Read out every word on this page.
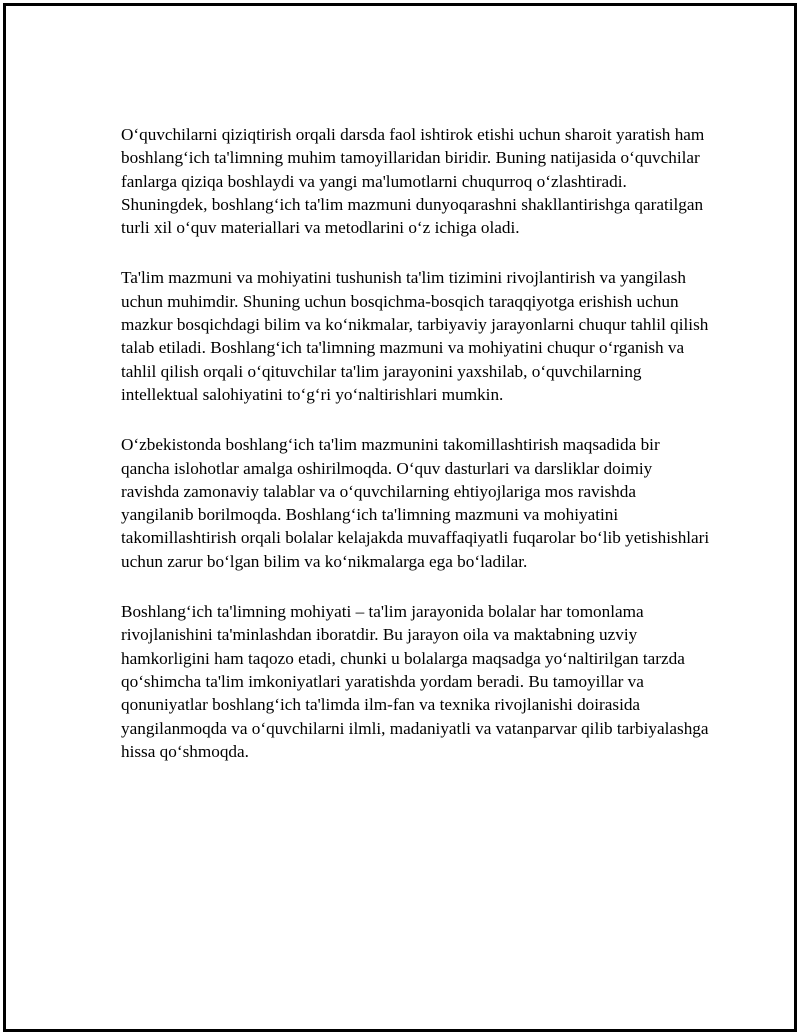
O‘quvchilarni qiziqtirish orqali darsda faol ishtirok etishi uchun sharoit yaratish ham boshlang‘ich ta'limning muhim tamoyillaridan biridir. Buning natijasida o‘quvchilar fanlarga qiziqa boshlaydi va yangi ma'lumotlarni chuqurroq o‘zlashtiradi. Shuningdek, boshlang‘ich ta'lim mazmuni dunyoqarashni shakllantirishga qaratilgan turli xil o‘quv materiallari va metodlarini o‘z ichiga oladi.

Ta'lim mazmuni va mohiyatini tushunish ta'lim tizimini rivojlantirish va yangilash uchun muhimdir. Shuning uchun bosqichma-bosqich taraqqiyotga erishish uchun mazkur bosqichdagi bilim va ko‘nikmalar, tarbiyaviy jarayonlarni chuqur tahlil qilish talab etiladi. Boshlang‘ich ta'limning mazmuni va mohiyatini chuqur o‘rganish va tahlil qilish orqali o‘qituvchilar ta'lim jarayonini yaxshilab, o‘quvchilarning intellektual salohiyatini to‘g‘ri yo‘naltirishlari mumkin.

O‘zbekistonda boshlang‘ich ta'lim mazmunini takomillashtirish maqsadida bir qancha islohotlar amalga oshirilmoqda. O‘quv dasturlari va darsliklar doimiy ravishda zamonaviy talablar va o‘quvchilarning ehtiyojlariga mos ravishda yangilanib borilmoqda. Boshlang‘ich ta'limning mazmuni va mohiyatini takomillashtirish orqali bolalar kelajakda muvaffaqiyatli fuqarolar bo‘lib yetishishlari uchun zarur bo‘lgan bilim va ko‘nikmalarga ega bo‘ladilar.

Boshlang‘ich ta'limning mohiyati – ta'lim jarayonida bolalar har tomonlama rivojlanishini ta'minlashdan iboratdir. Bu jarayon oila va maktabning uzviy hamkorligini ham taqozo etadi, chunki u bolalarga maqsadga yo‘naltirilgan tarzda qo‘shimcha ta'lim imkoniyatlari yaratishda yordam beradi. Bu tamoyillar va qonuniyatlar boshlang‘ich ta'limda ilm-fan va texnika rivojlanishi doirasida yangilanmoqda va o‘quvchilarni ilmli, madaniyatli va vatanparvar qilib tarbiyalashga hissa qo‘shmoqda.
